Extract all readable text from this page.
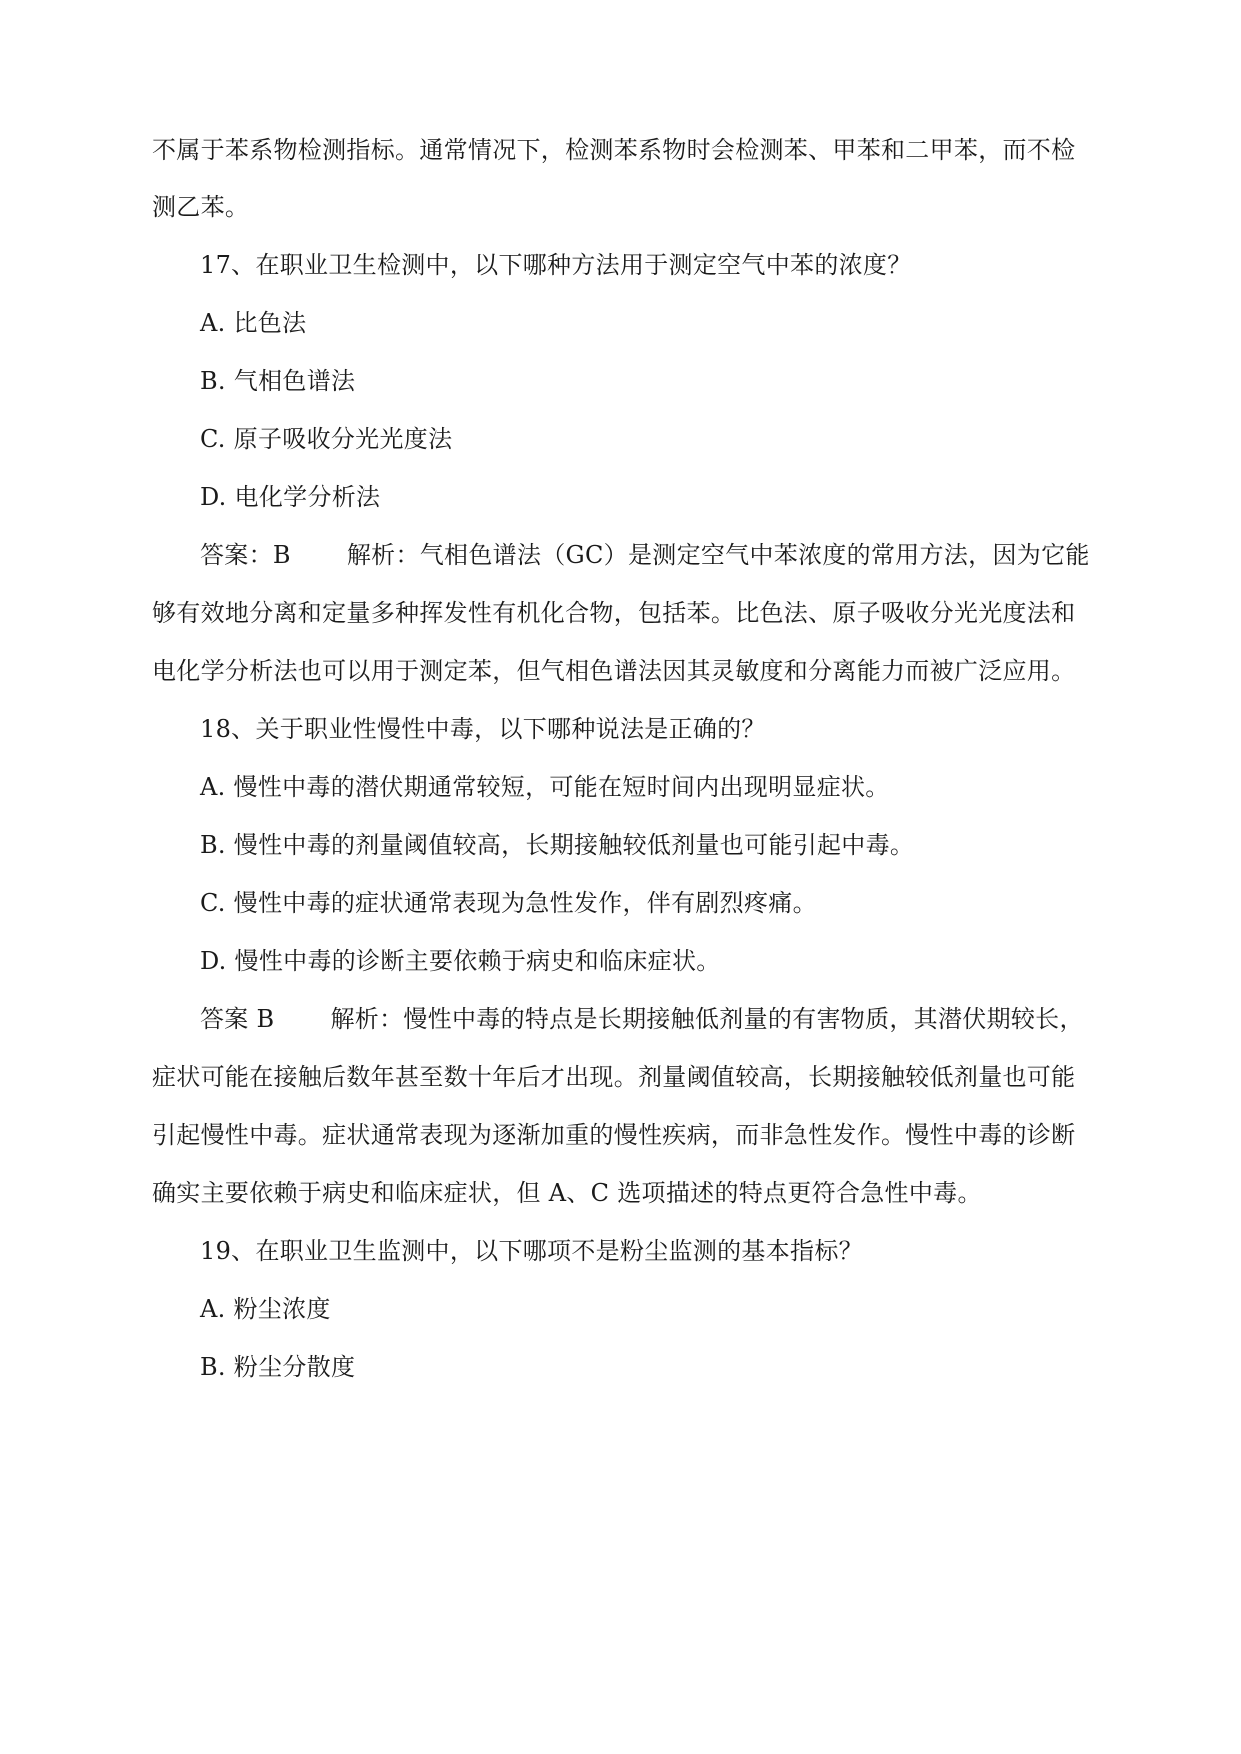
不属于苯系物检测指标。通常情况下，检测苯系物时会检测苯、甲苯和二甲苯，而不检
测乙苯。
17、在职业卫生检测中，以下哪种方法用于测定空气中苯的浓度？
A. 比色法
B. 气相色谱法
C. 原子吸收分光光度法
D. 电化学分析法
答案：B 解析：气相色谱法（GC）是测定空气中苯浓度的常用方法，因为它能
够有效地分离和定量多种挥发性有机化合物，包括苯。比色法、原子吸收分光光度法和
电化学分析法也可以用于测定苯，但气相色谱法因其灵敏度和分离能力而被广泛应用。
18、关于职业性慢性中毒，以下哪种说法是正确的？
A. 慢性中毒的潜伏期通常较短，可能在短时间内出现明显症状。
B. 慢性中毒的剂量阈值较高，长期接触较低剂量也可能引起中毒。
C. 慢性中毒的症状通常表现为急性发作，伴有剧烈疼痛。
D. 慢性中毒的诊断主要依赖于病史和临床症状。
答案 B 解析：慢性中毒的特点是长期接触低剂量的有害物质，其潜伏期较长，
症状可能在接触后数年甚至数十年后才出现。剂量阈值较高，长期接触较低剂量也可能
引起慢性中毒。症状通常表现为逐渐加重的慢性疾病，而非急性发作。慢性中毒的诊断
确实主要依赖于病史和临床症状，但 A、C 选项描述的特点更符合急性中毒。
19、在职业卫生监测中，以下哪项不是粉尘监测的基本指标？
A. 粉尘浓度
B. 粉尘分散度
